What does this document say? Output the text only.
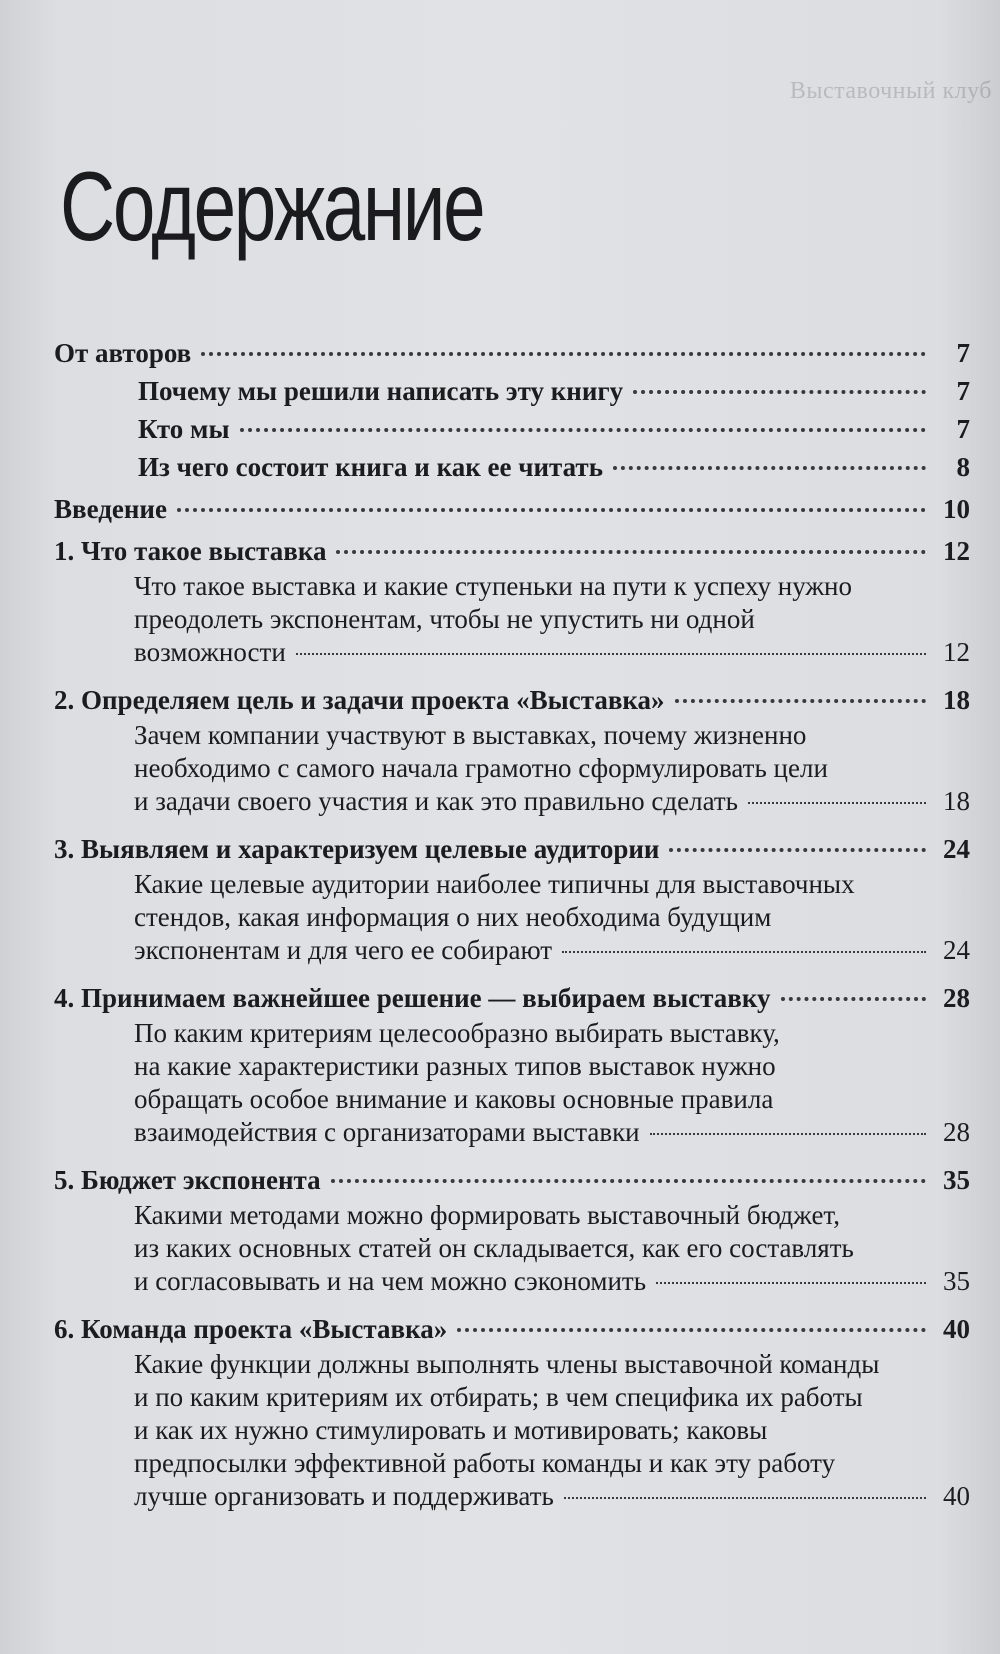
Выставочный клуб
Содержание
От авторов	7
Почему мы решили написать эту книгу	7
Кто мы	7
Из чего состоит книга и как ее читать	8
Введение	10
1. Что такое выставка	12
Что такое выставка и какие ступеньки на пути к успеху нужно
преодолеть экспонентам, чтобы не упустить ни одной
возможности	12
2. Определяем цель и задачи проекта «Выставка»	18
Зачем компании участвуют в выставках, почему жизненно
необходимо с самого начала грамотно сформулировать цели
и задачи своего участия и как это правильно сделать	18
3. Выявляем и характеризуем целевые аудитории	24
Какие целевые аудитории наиболее типичны для выставочных
стендов, какая информация о них необходима будущим
экспонентам и для чего ее собирают	24
4. Принимаем важнейшее решение — выбираем выставку	28
По каким критериям целесообразно выбирать выставку,
на какие характеристики разных типов выставок нужно
обращать особое внимание и каковы основные правила
взаимодействия с организаторами выставки	28
5. Бюджет экспонента	35
Какими методами можно формировать выставочный бюджет,
из каких основных статей он складывается, как его составлять
и согласовывать и на чем можно сэкономить	35
6. Команда проекта «Выставка»	40
Какие функции должны выполнять члены выставочной команды
и по каким критериям их отбирать; в чем специфика их работы
и как их нужно стимулировать и мотивировать; каковы
предпосылки эффективной работы команды и как эту работу
лучше организовать и поддерживать	40
